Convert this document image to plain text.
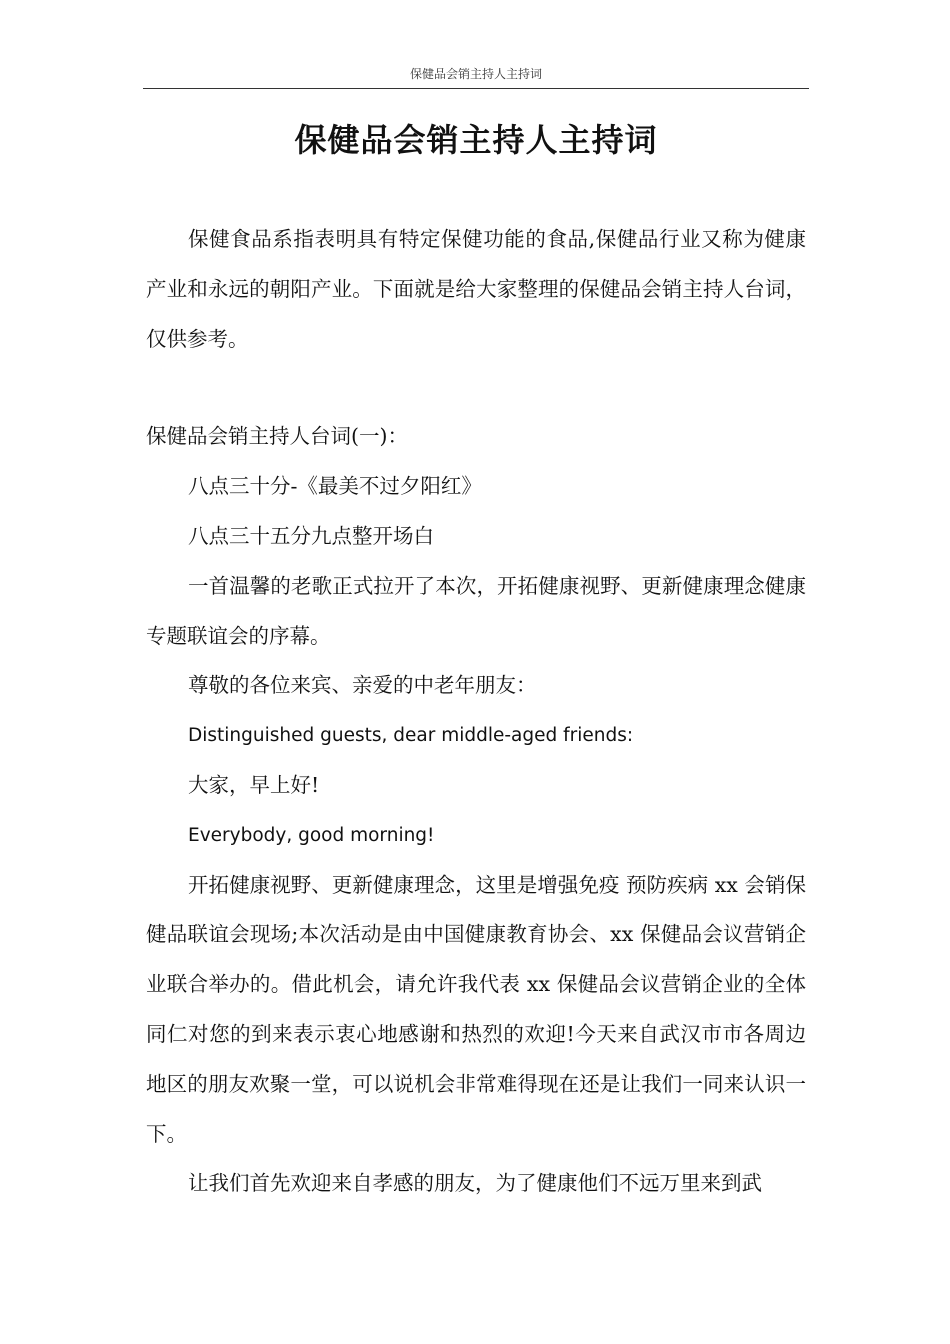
保健品会销主持人主持词
保健品会销主持人主持词

保健食品系指表明具有特定保健功能的食品,保健品行业又称为健康产业和永远的朝阳产业。下面就是给大家整理的保健品会销主持人台词，仅供参考。

保健品会销主持人台词(一)：

八点三十分-《最美不过夕阳红》

八点三十五分九点整开场白

一首温馨的老歌正式拉开了本次，开拓健康视野、更新健康理念健康专题联谊会的序幕。

尊敬的各位来宾、亲爱的中老年朋友：

Distinguished guests, dear middle-aged friends:

大家，早上好!

Everybody, good morning!

开拓健康视野、更新健康理念，这里是增强免疫 预防疾病 xx 会销保健品联谊会现场;本次活动是由中国健康教育协会、xx 保健品会议营销企业联合举办的。借此机会，请允许我代表 xx 保健品会议营销企业的全体同仁对您的到来表示衷心地感谢和热烈的欢迎!今天来自武汉市市各周边地区的朋友欢聚一堂，可以说机会非常难得现在还是让我们一同来认识一下。

让我们首先欢迎来自孝感的朋友，为了健康他们不远万里来到武
